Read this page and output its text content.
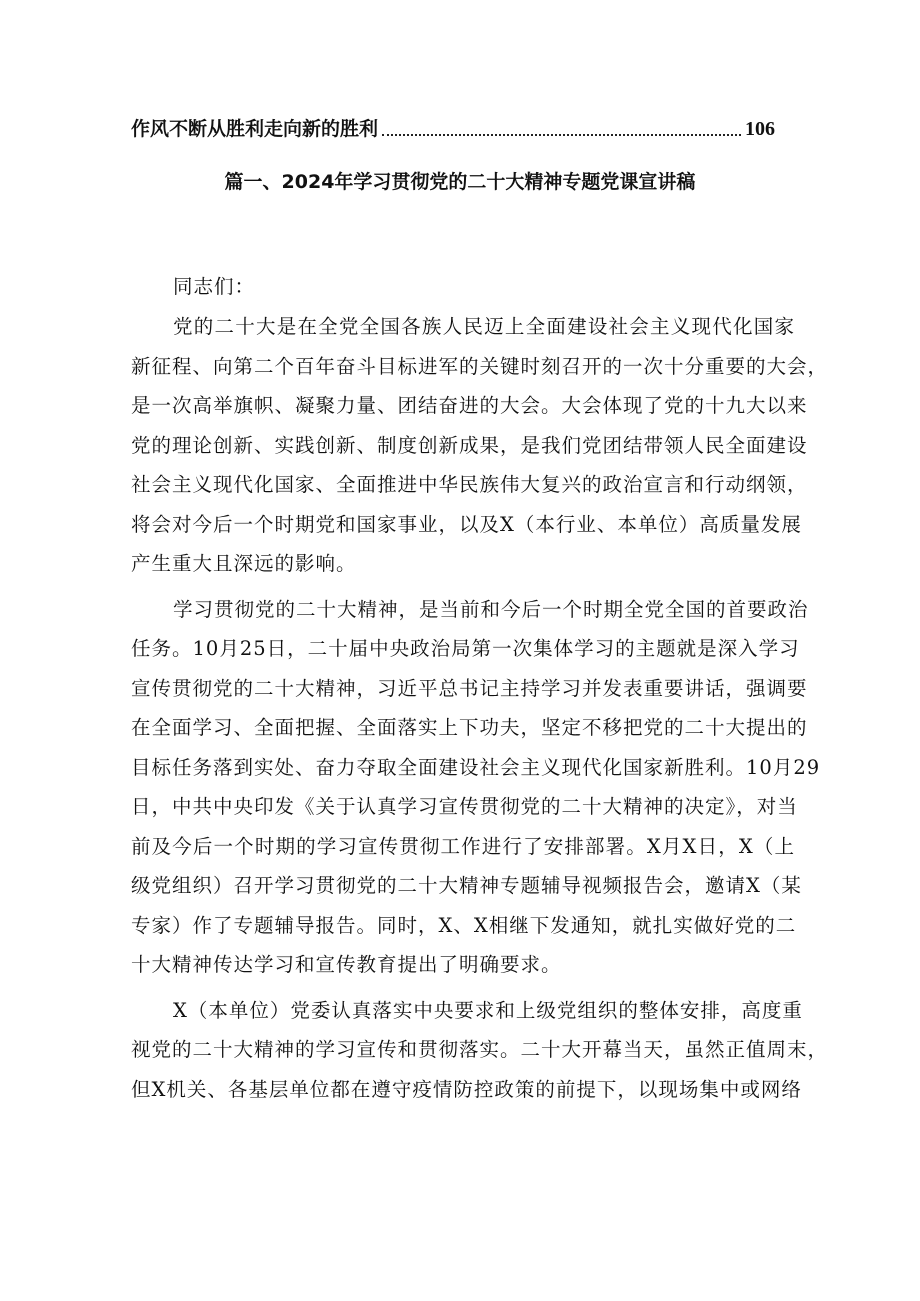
作风不断从胜利走向新的胜利	106
篇一、2024年学习贯彻党的二十大精神专题党课宣讲稿

同志们：

党的二十大是在全党全国各族人民迈上全面建设社会主义现代化国家
新征程、向第二个百年奋斗目标进军的关键时刻召开的一次十分重要的大会，
是一次高举旗帜、凝聚力量、团结奋进的大会。大会体现了党的十九大以来
党的理论创新、实践创新、制度创新成果，是我们党团结带领人民全面建设
社会主义现代化国家、全面推进中华民族伟大复兴的政治宣言和行动纲领，
将会对今后一个时期党和国家事业，以及X（本行业、本单位）高质量发展
产生重大且深远的影响。
学习贯彻党的二十大精神，是当前和今后一个时期全党全国的首要政治
任务。10月25日，二十届中央政治局第一次集体学习的主题就是深入学习
宣传贯彻党的二十大精神，习近平总书记主持学习并发表重要讲话，强调要
在全面学习、全面把握、全面落实上下功夫，坚定不移把党的二十大提出的
目标任务落到实处、奋力夺取全面建设社会主义现代化国家新胜利。10月29
日，中共中央印发《关于认真学习宣传贯彻党的二十大精神的决定》，对当
前及今后一个时期的学习宣传贯彻工作进行了安排部署。X月X日，X（上
级党组织）召开学习贯彻党的二十大精神专题辅导视频报告会，邀请X（某
专家）作了专题辅导报告。同时，X、X相继下发通知，就扎实做好党的二
十大精神传达学习和宣传教育提出了明确要求。
X（本单位）党委认真落实中央要求和上级党组织的整体安排，高度重
视党的二十大精神的学习宣传和贯彻落实。二十大开幕当天，虽然正值周末，
但X机关、各基层单位都在遵守疫情防控政策的前提下，以现场集中或网络
